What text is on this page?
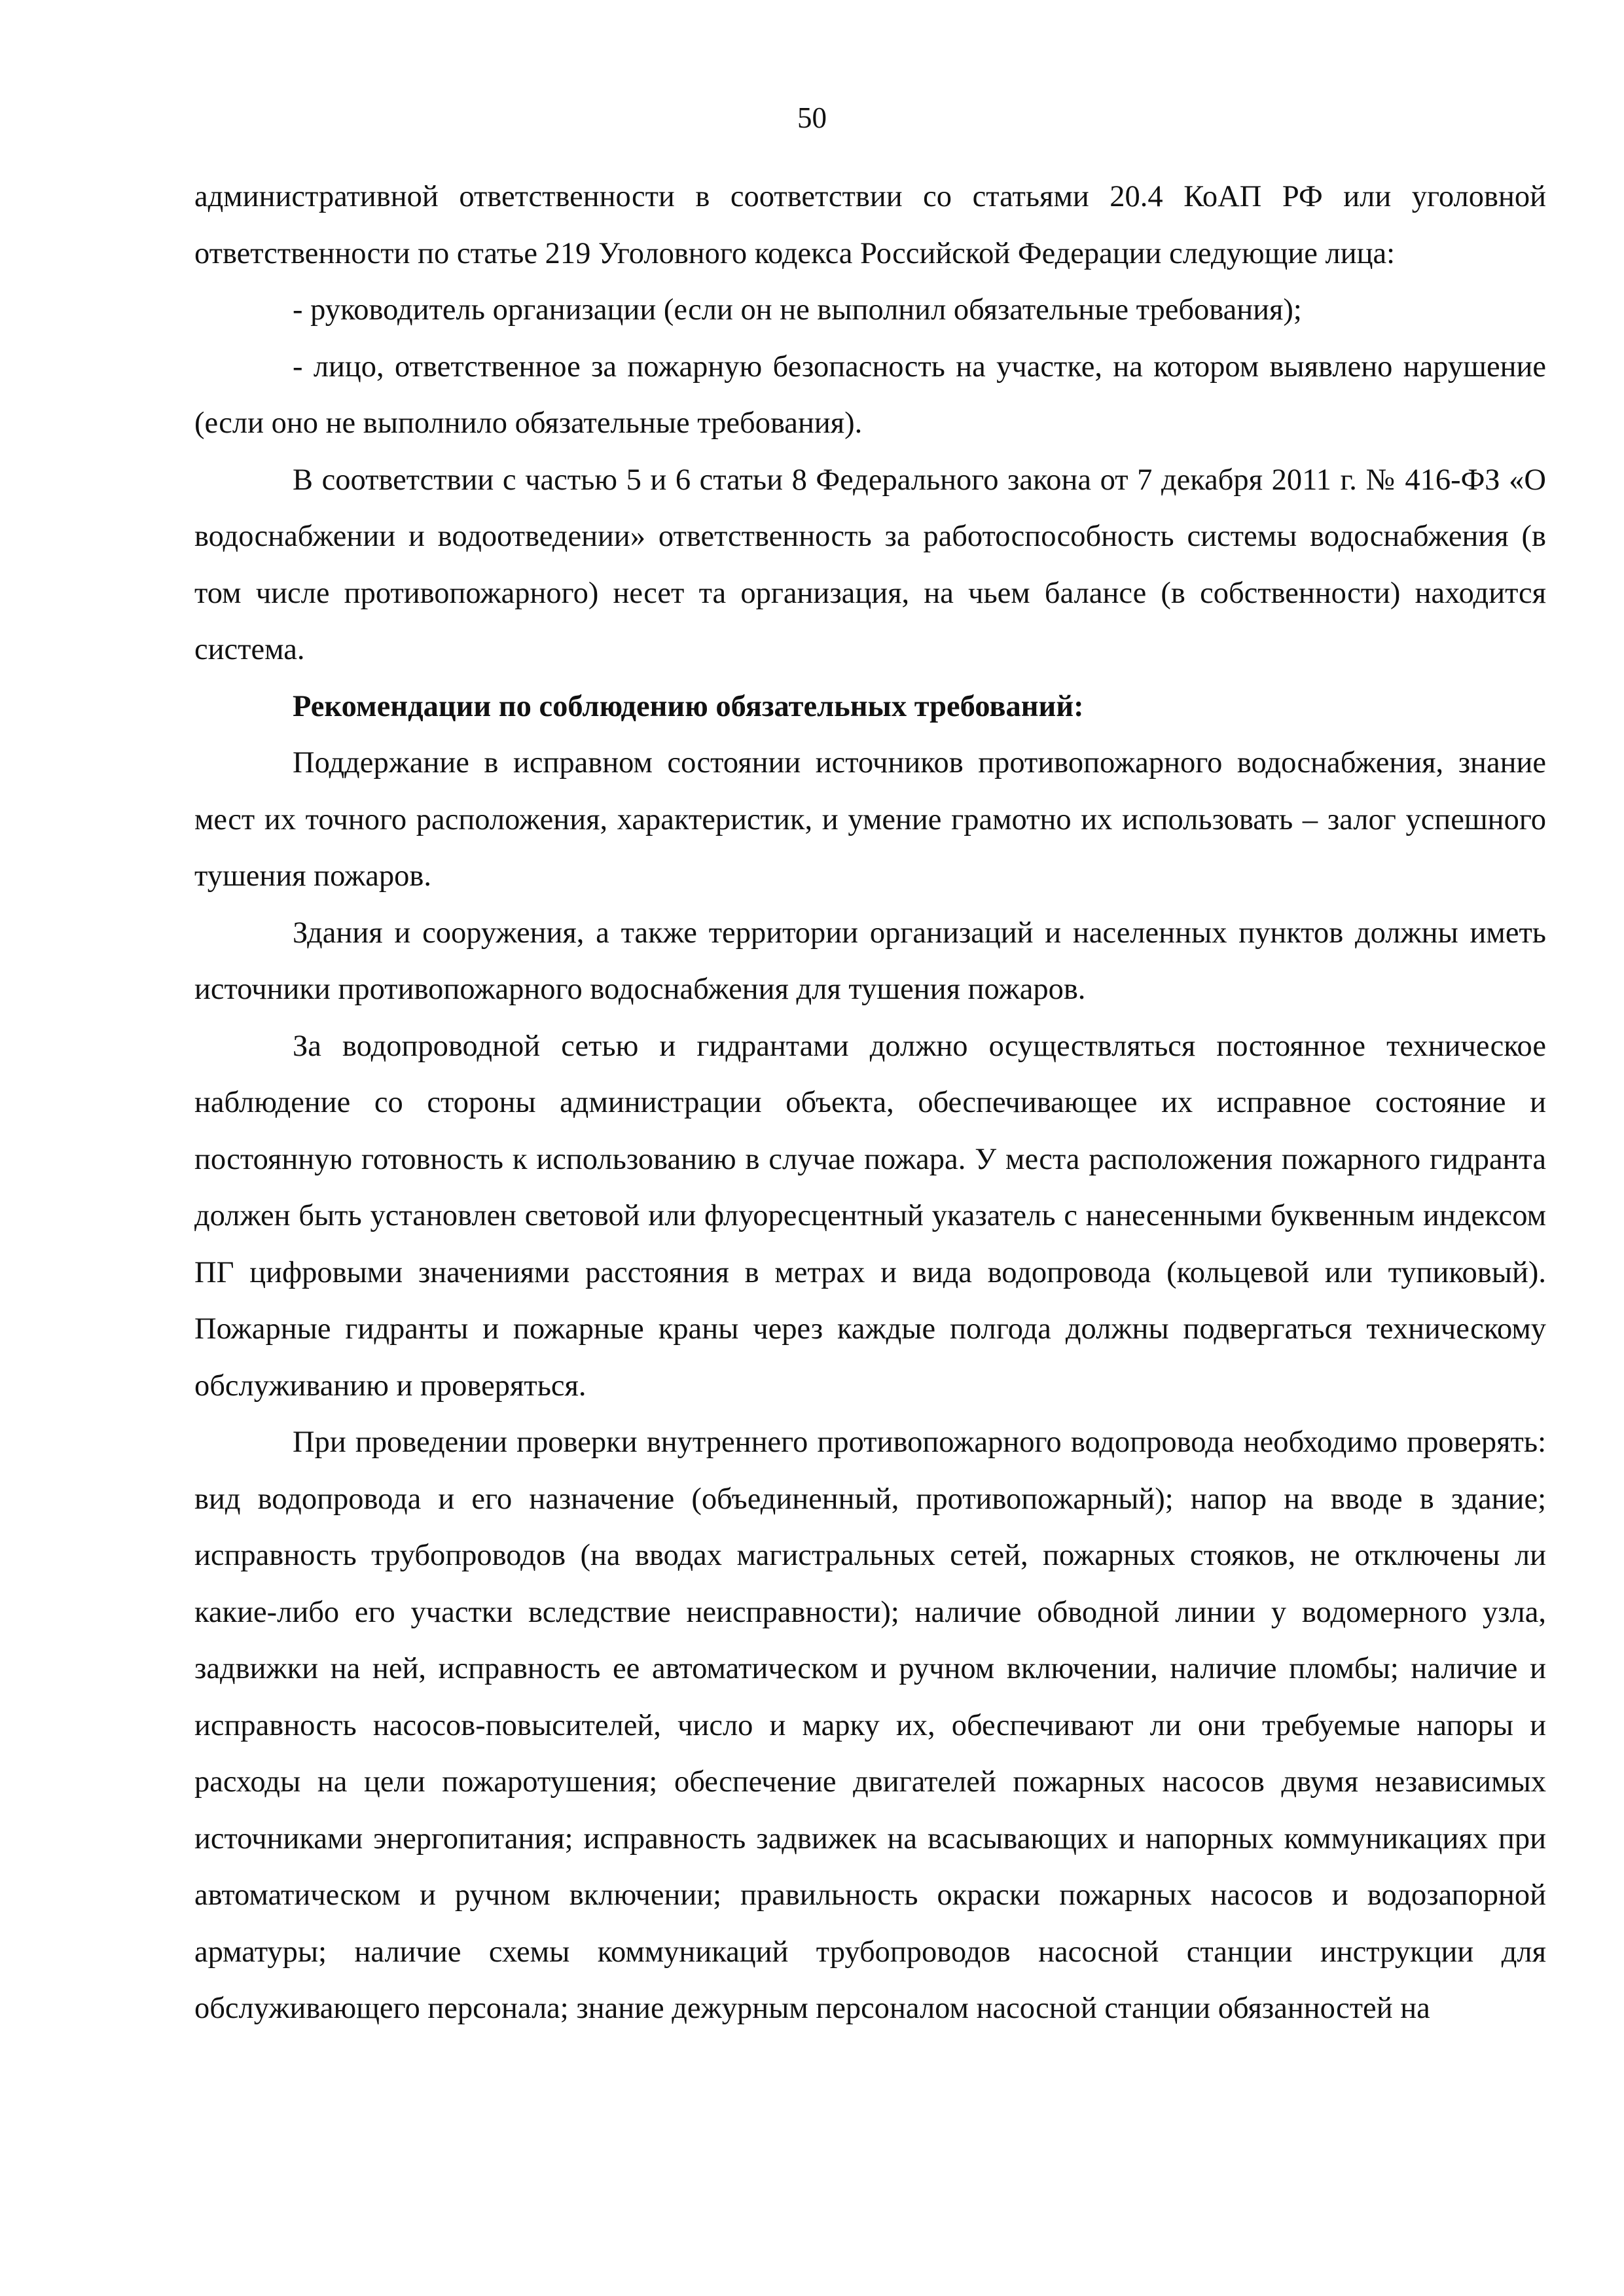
50

административной ответственности в соответствии со статьями 20.4 КоАП РФ или уголовной ответственности по статье 219 Уголовного кодекса Российской Федерации следующие лица:

- руководитель организации (если он не выполнил обязательные требования);

- лицо, ответственное за пожарную безопасность на участке, на котором выявлено нарушение (если оно не выполнило обязательные требования).

В соответствии с частью 5 и 6 статьи 8 Федерального закона от 7 декабря 2011 г. № 416-ФЗ «О водоснабжении и водоотведении» ответственность за работоспособность системы водоснабжения (в том числе противопожарного) несет та организация, на чьем балансе (в собственности) находится система.

Рекомендации по соблюдению обязательных требований:

Поддержание в исправном состоянии источников противопожарного водоснабжения, знание мест их точного расположения, характеристик, и умение грамотно их использовать – залог успешного тушения пожаров.

Здания и сооружения, а также территории организаций и населенных пунктов должны иметь источники противопожарного водоснабжения для тушения пожаров.

За водопроводной сетью и гидрантами должно осуществляться постоянное техническое наблюдение со стороны администрации объекта, обеспечивающее их исправное состояние и постоянную готовность к использованию в случае пожара. У места расположения пожарного гидранта должен быть установлен световой или флуоресцентный указатель с нанесенными буквенным индексом ПГ цифровыми значениями расстояния в метрах и вида водопровода (кольцевой или тупиковый). Пожарные гидранты и пожарные краны через каждые полгода должны подвергаться техническому обслуживанию и проверяться.

При проведении проверки внутреннего противопожарного водопровода необходимо проверять: вид водопровода и его назначение (объединенный, противопожарный); напор на вводе в здание; исправность трубопроводов (на вводах магистральных сетей, пожарных стояков, не отключены ли какие-либо его участки вследствие неисправности); наличие обводной линии у водомерного узла, задвижки на ней, исправность ее автоматическом и ручном включении, наличие пломбы; наличие и исправность насосов-повысителей, число и марку их, обеспечивают ли они требуемые напоры и расходы на цели пожаротушения; обеспечение двигателей пожарных насосов двумя независимых источниками энергопитания; исправность задвижек на всасывающих и напорных коммуникациях при автоматическом и ручном включении; правильность окраски пожарных насосов и водозапорной арматуры; наличие схемы коммуникаций трубопроводов насосной станции инструкции для обслуживающего персонала; знание дежурным персоналом насосной станции обязанностей на
